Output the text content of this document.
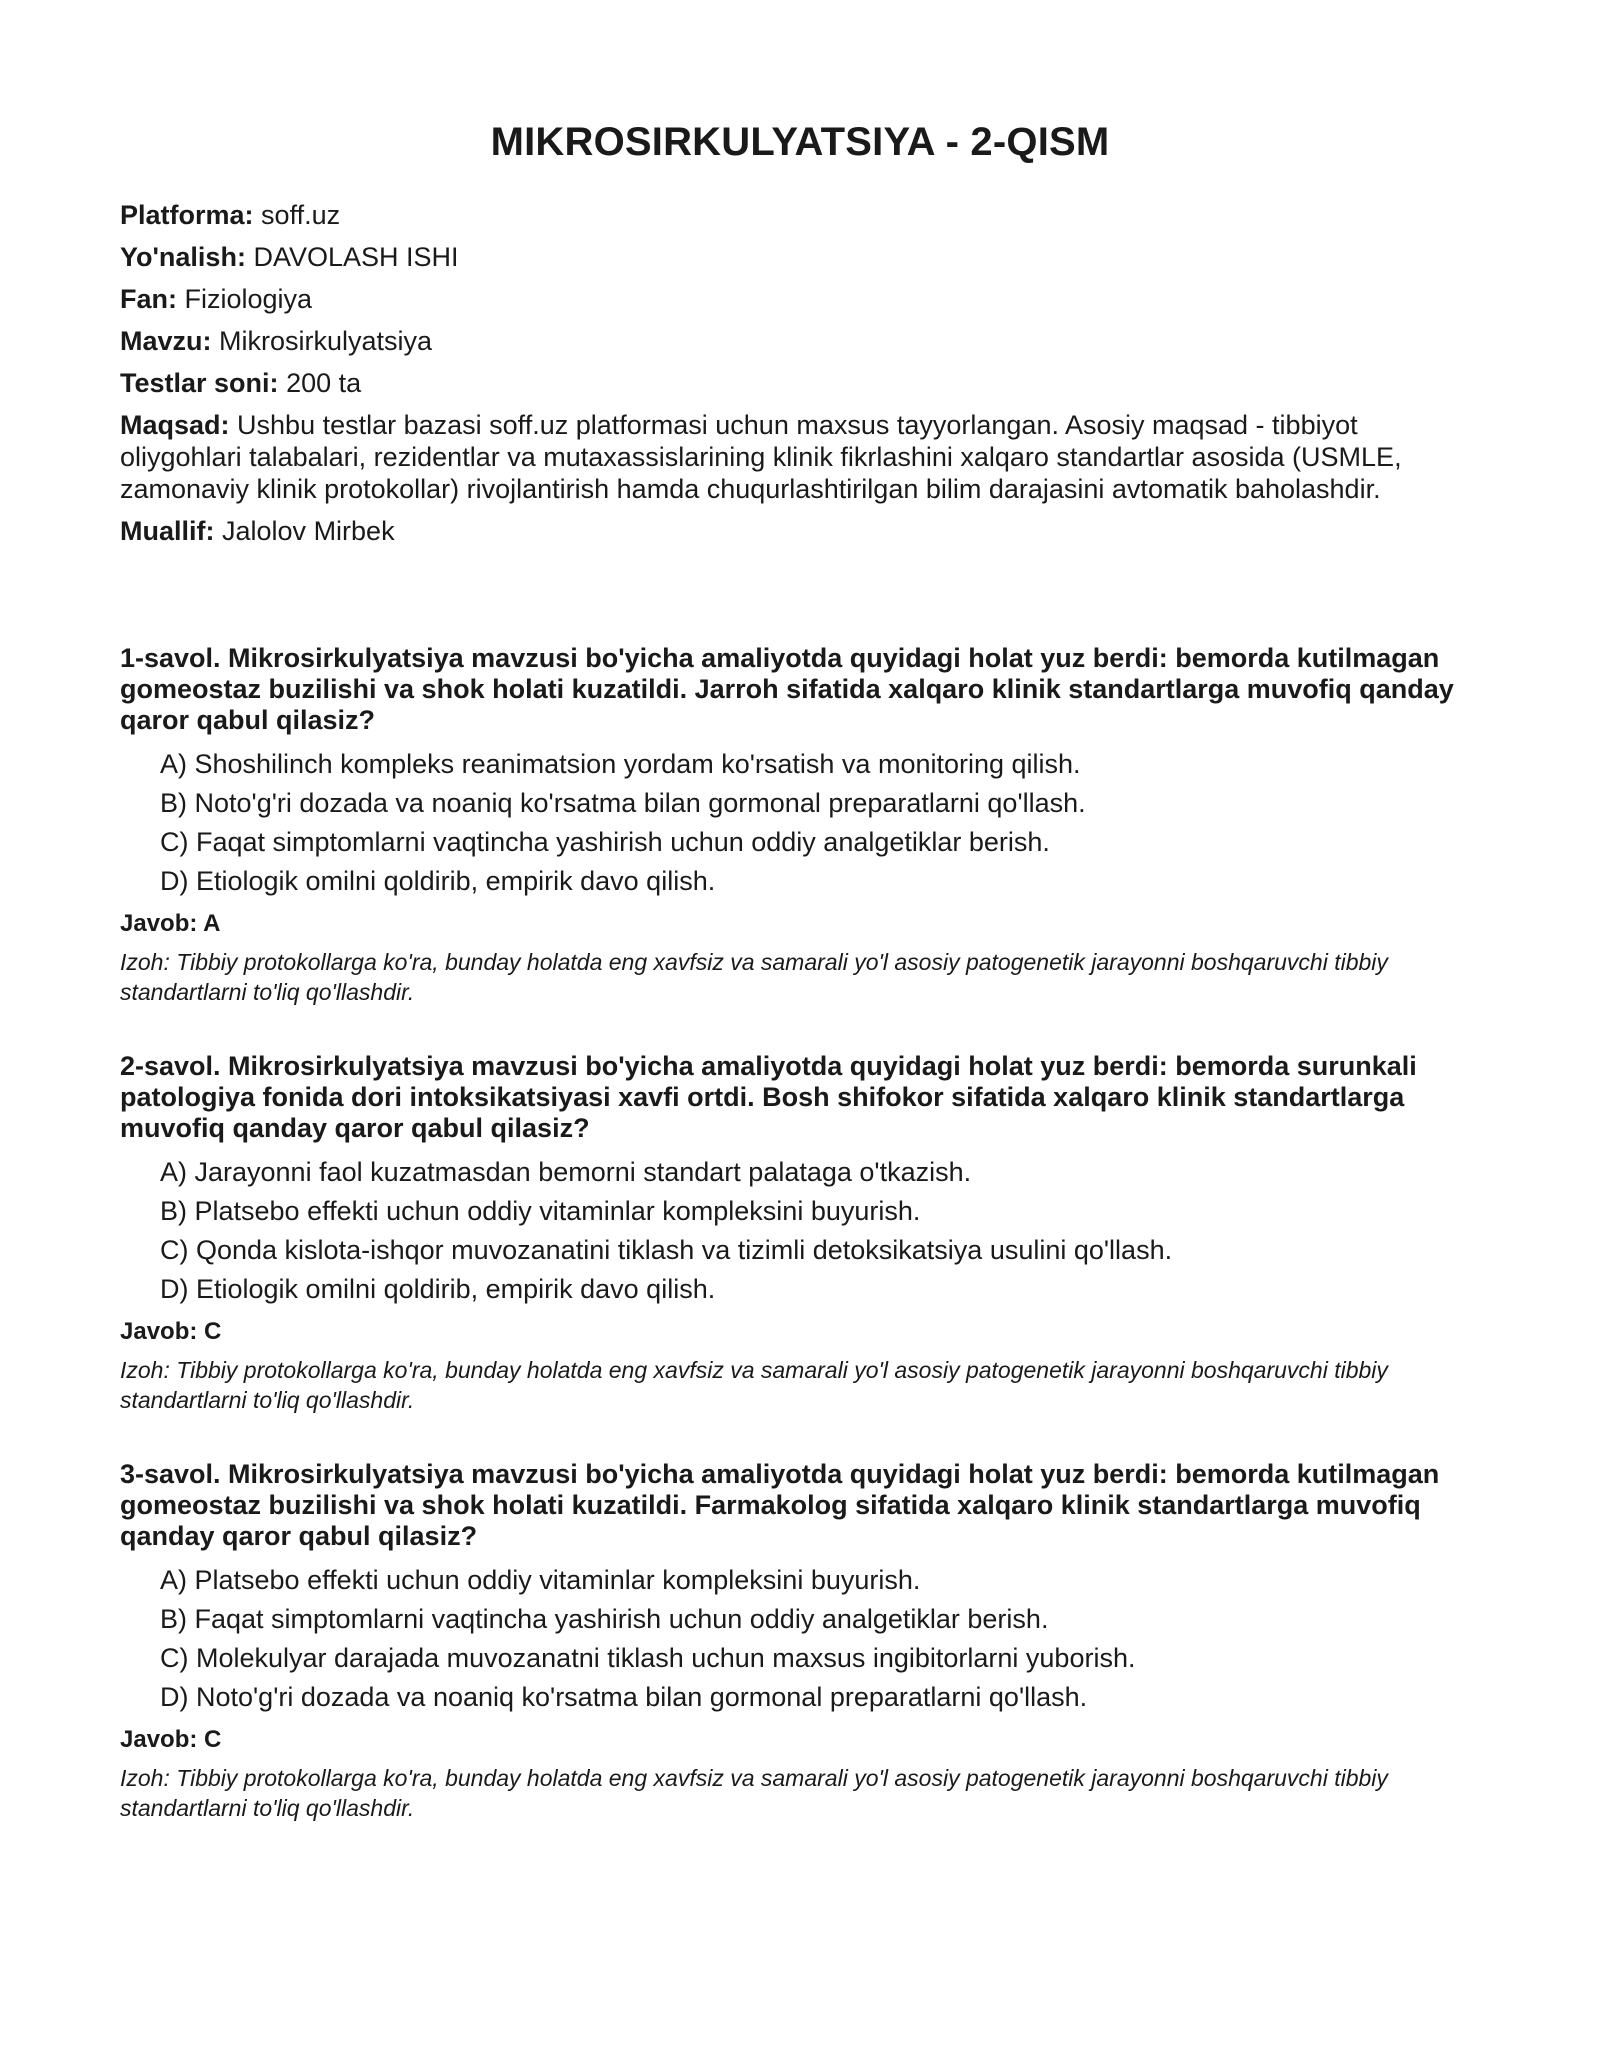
MIKROSIRKULYATSIYA - 2-QISM

Platforma: soff.uz

Yo'nalish: DAVOLASH ISHI

Fan: Fiziologiya

Mavzu: Mikrosirkulyatsiya

Testlar soni: 200 ta

Maqsad: Ushbu testlar bazasi soff.uz platformasi uchun maxsus tayyorlangan. Asosiy maqsad - tibbiyot oliygohlari talabalari, rezidentlar va mutaxassislarining klinik fikrlashini xalqaro standartlar asosida (USMLE, zamonaviy klinik protokollar) rivojlantirish hamda chuqurlashtirilgan bilim darajasini avtomatik baholashdir.

Muallif: Jalolov Mirbek

1-savol. Mikrosirkulyatsiya mavzusi bo'yicha amaliyotda quyidagi holat yuz berdi: bemorda kutilmagan gomeostaz buzilishi va shok holati kuzatildi. Jarroh sifatida xalqaro klinik standartlarga muvofiq qanday qaror qabul qilasiz?

A) Shoshilinch kompleks reanimatsion yordam ko'rsatish va monitoring qilish.

B) Noto'g'ri dozada va noaniq ko'rsatma bilan gormonal preparatlarni qo'llash.

C) Faqat simptomlarni vaqtincha yashirish uchun oddiy analgetiklar berish.

D) Etiologik omilni qoldirib, empirik davo qilish.

Javob: A

Izoh: Tibbiy protokollarga ko'ra, bunday holatda eng xavfsiz va samarali yo'l asosiy patogenetik jarayonni boshqaruvchi tibbiy standartlarni to'liq qo'llashdir.

2-savol. Mikrosirkulyatsiya mavzusi bo'yicha amaliyotda quyidagi holat yuz berdi: bemorda surunkali patologiya fonida dori intoksikatsiyasi xavfi ortdi. Bosh shifokor sifatida xalqaro klinik standartlarga muvofiq qanday qaror qabul qilasiz?

A) Jarayonni faol kuzatmasdan bemorni standart palataga o'tkazish.

B) Platsebo effekti uchun oddiy vitaminlar kompleksini buyurish.

C) Qonda kislota-ishqor muvozanatini tiklash va tizimli detoksikatsiya usulini qo'llash.

D) Etiologik omilni qoldirib, empirik davo qilish.

Javob: C

Izoh: Tibbiy protokollarga ko'ra, bunday holatda eng xavfsiz va samarali yo'l asosiy patogenetik jarayonni boshqaruvchi tibbiy standartlarni to'liq qo'llashdir.

3-savol. Mikrosirkulyatsiya mavzusi bo'yicha amaliyotda quyidagi holat yuz berdi: bemorda kutilmagan gomeostaz buzilishi va shok holati kuzatildi. Farmakolog sifatida xalqaro klinik standartlarga muvofiq qanday qaror qabul qilasiz?

A) Platsebo effekti uchun oddiy vitaminlar kompleksini buyurish.

B) Faqat simptomlarni vaqtincha yashirish uchun oddiy analgetiklar berish.

C) Molekulyar darajada muvozanatni tiklash uchun maxsus ingibitorlarni yuborish.

D) Noto'g'ri dozada va noaniq ko'rsatma bilan gormonal preparatlarni qo'llash.

Javob: C

Izoh: Tibbiy protokollarga ko'ra, bunday holatda eng xavfsiz va samarali yo'l asosiy patogenetik jarayonni boshqaruvchi tibbiy standartlarni to'liq qo'llashdir.
